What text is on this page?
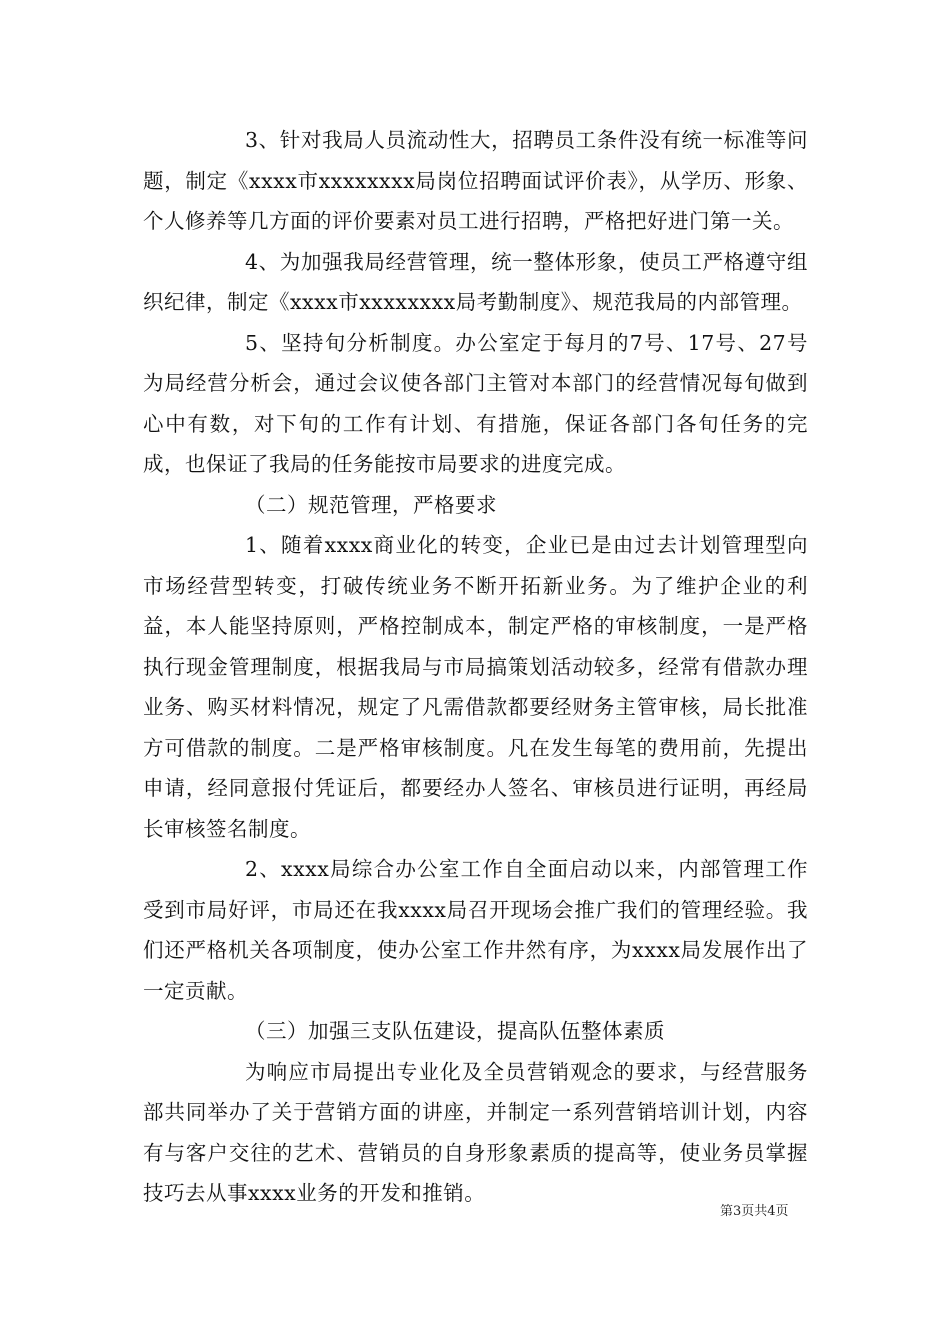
3、针对我局人员流动性大，招聘员工条件没有统一标准等问题，制定《xxxx市xxxxxxxx局岗位招聘面试评价表》，从学历、形象、个人修养等几方面的评价要素对员工进行招聘，严格把好进门第一关。

4、为加强我局经营管理，统一整体形象，使员工严格遵守组织纪律，制定《xxxx市xxxxxxxx局考勤制度》、规范我局的内部管理。

5、坚持旬分析制度。办公室定于每月的7号、17号、27号为局经营分析会，通过会议使各部门主管对本部门的经营情况每旬做到心中有数，对下旬的工作有计划、有措施，保证各部门各旬任务的完成，也保证了我局的任务能按市局要求的进度完成。

（二）规范管理，严格要求

1、随着xxxx商业化的转变，企业已是由过去计划管理型向市场经营型转变，打破传统业务不断开拓新业务。为了维护企业的利益，本人能坚持原则，严格控制成本，制定严格的审核制度，一是严格执行现金管理制度，根据我局与市局搞策划活动较多，经常有借款办理业务、购买材料情况，规定了凡需借款都要经财务主管审核，局长批准方可借款的制度。二是严格审核制度。凡在发生每笔的费用前，先提出申请，经同意报付凭证后，都要经办人签名、审核员进行证明，再经局长审核签名制度。

2、xxxx局综合办公室工作自全面启动以来，内部管理工作受到市局好评，市局还在我xxxx局召开现场会推广我们的管理经验。我们还严格机关各项制度，使办公室工作井然有序，为xxxx局发展作出了一定贡献。

（三）加强三支队伍建设，提高队伍整体素质

为响应市局提出专业化及全员营销观念的要求，与经营服务部共同举办了关于营销方面的讲座，并制定一系列营销培训计划，内容有与客户交往的艺术、营销员的自身形象素质的提高等，使业务员掌握技巧去从事xxxx业务的开发和推销。

第3页共4页
